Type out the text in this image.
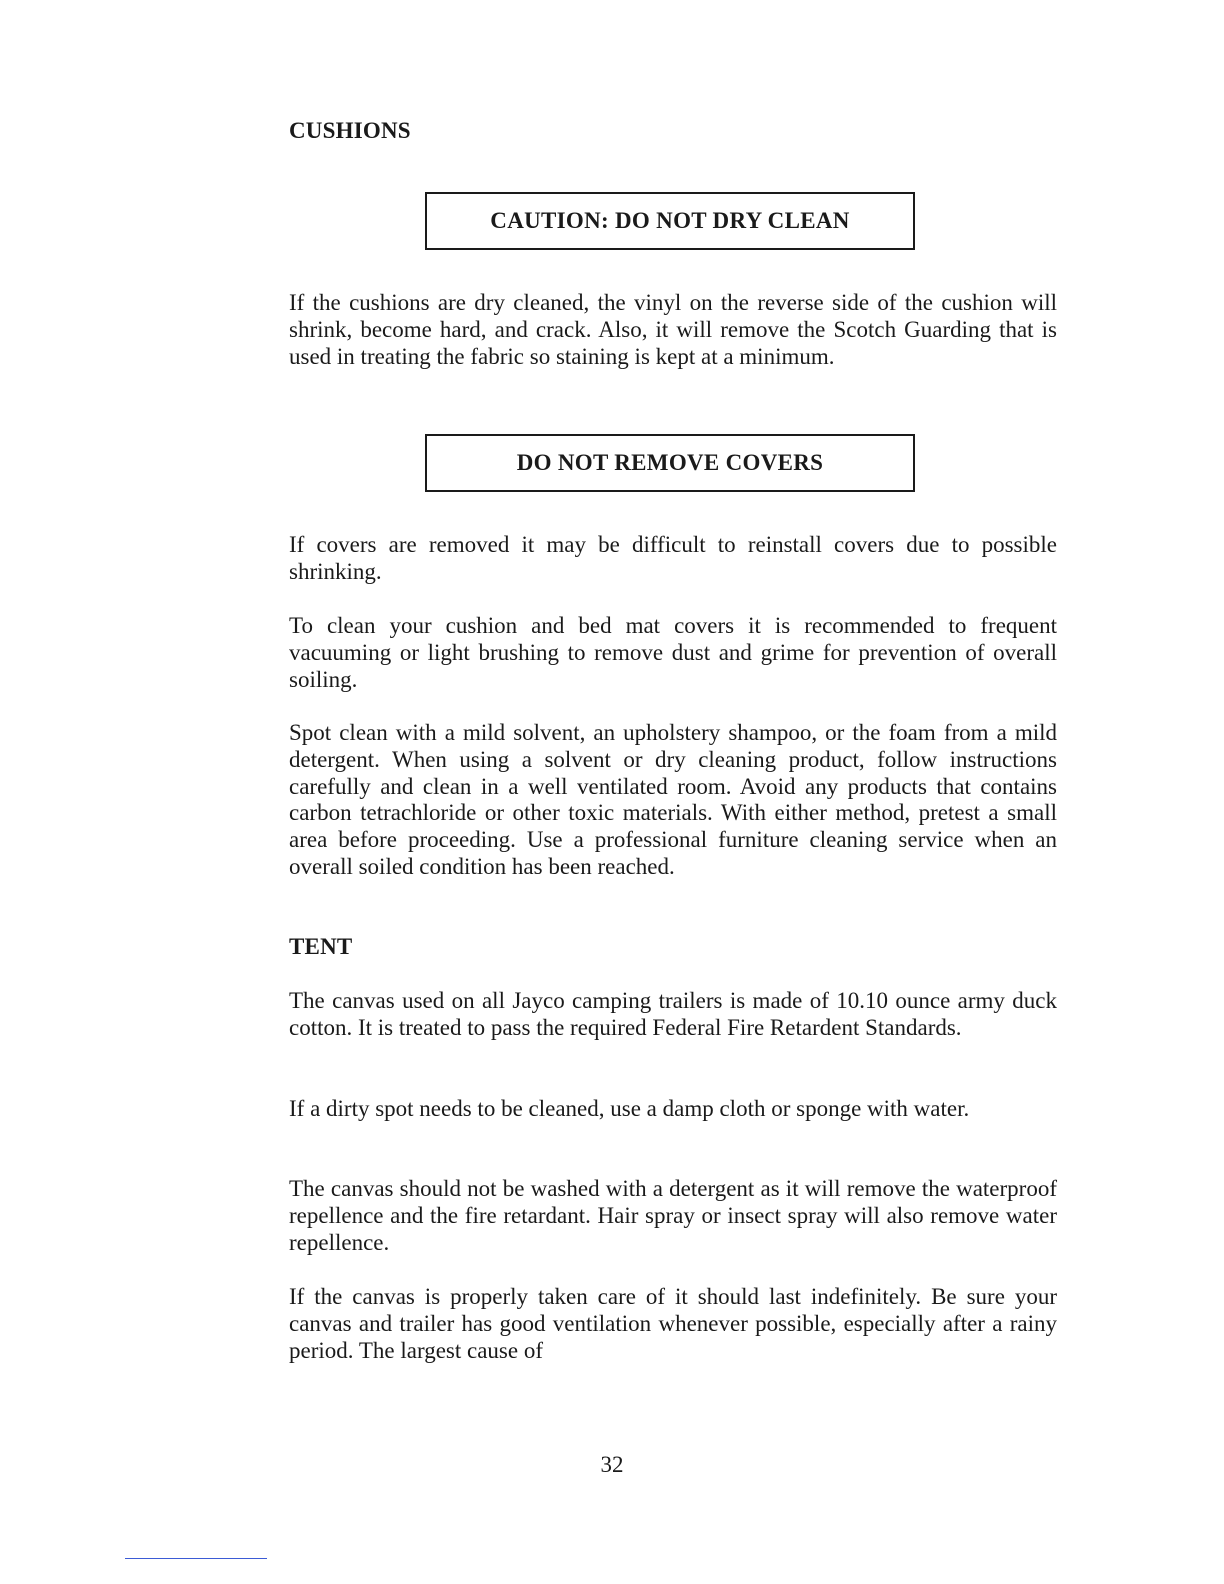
CUSHIONS
CAUTION: DO NOT DRY CLEAN

If the cushions are dry cleaned, the vinyl on the reverse side of the cushion will shrink, become hard, and crack. Also, it will remove the Scotch Guarding that is used in treating the fabric so staining is kept at a minimum.

DO NOT REMOVE COVERS

If covers are removed it may be difficult to reinstall covers due to possible shrinking.

To clean your cushion and bed mat covers it is recommended to frequent vacuuming or light brushing to remove dust and grime for prevention of overall soiling.

Spot clean with a mild solvent, an upholstery shampoo, or the foam from a mild detergent. When using a solvent or dry cleaning product, follow instructions carefully and clean in a well ventilated room. Avoid any products that contains carbon tetrachloride or other toxic materials. With either method, pretest a small area before proceeding. Use a professional furniture cleaning service when an overall soiled condition has been reached.

TENT

The canvas used on all Jayco camping trailers is made of 10.10 ounce army duck cotton. It is treated to pass the required Federal Fire Retardent Standards.

If a dirty spot needs to be cleaned, use a damp cloth or sponge with water.

The canvas should not be washed with a detergent as it will remove the waterproof repellence and the fire retardant. Hair spray or insect spray will also remove water repellence.

If the canvas is properly taken care of it should last indefinitely. Be sure your canvas and trailer has good ventilation whenever possible, especially after a rainy period. The largest cause of

32
